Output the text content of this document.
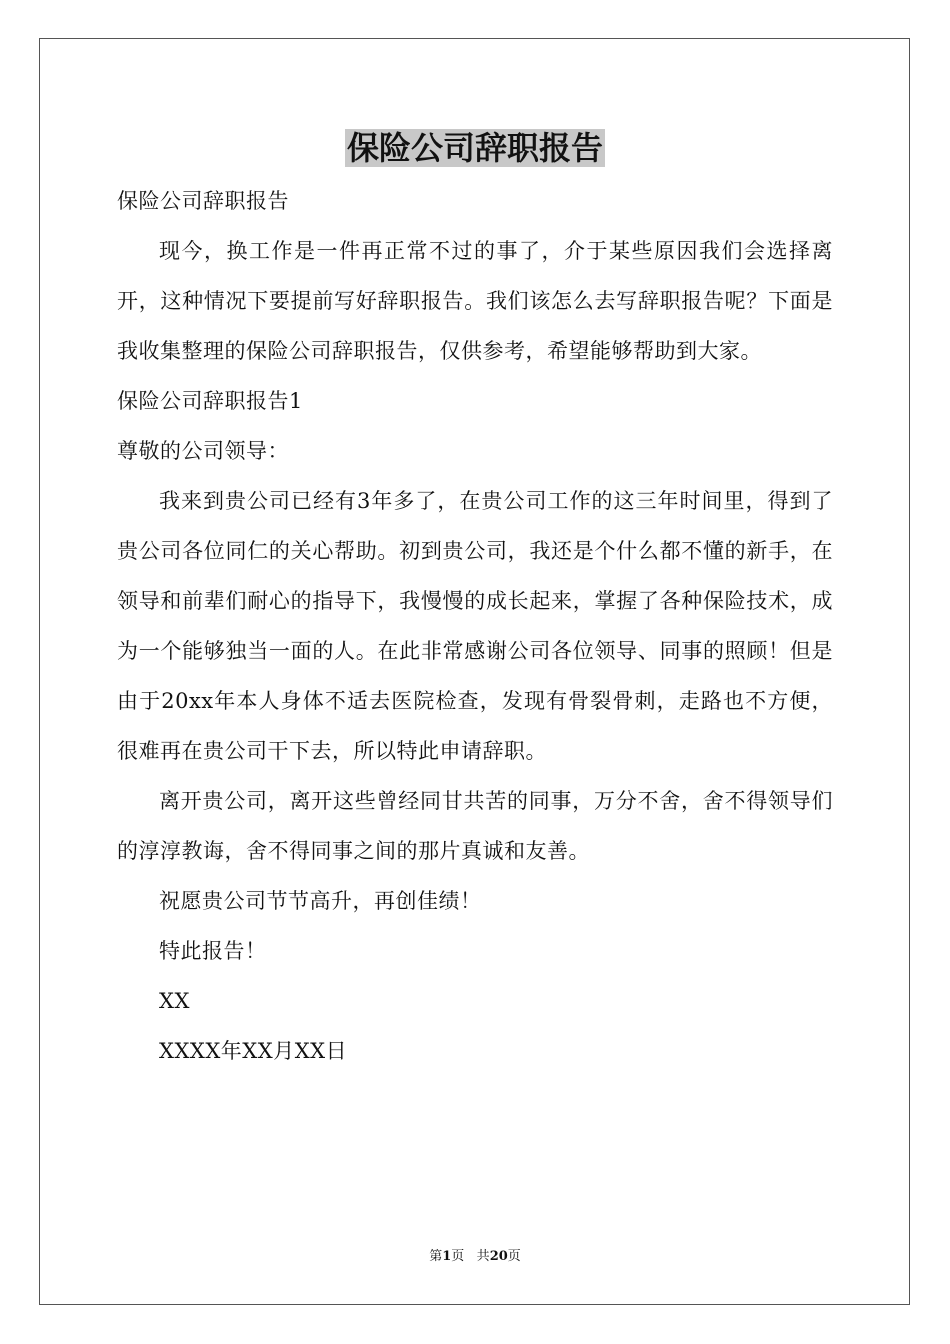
保险公司辞职报告

保险公司辞职报告

现今，换工作是一件再正常不过的事了，介于某些原因我们会选择离开，这种情况下要提前写好辞职报告。我们该怎么去写辞职报告呢？下面是我收集整理的保险公司辞职报告，仅供参考，希望能够帮助到大家。

保险公司辞职报告1

尊敬的公司领导：

我来到贵公司已经有3年多了，在贵公司工作的这三年时间里，得到了贵公司各位同仁的关心帮助。初到贵公司，我还是个什么都不懂的新手，在领导和前辈们耐心的指导下，我慢慢的成长起来，掌握了各种保险技术，成为一个能够独当一面的人。在此非常感谢公司各位领导、同事的照顾！但是由于20xx年本人身体不适去医院检查，发现有骨裂骨刺，走路也不方便，很难再在贵公司干下去，所以特此申请辞职。

离开贵公司，离开这些曾经同甘共苦的同事，万分不舍，舍不得领导们的淳淳教诲，舍不得同事之间的那片真诚和友善。

祝愿贵公司节节高升，再创佳绩！

特此报告！

XX

XXXX年XX月XX日

第1页 共20页
